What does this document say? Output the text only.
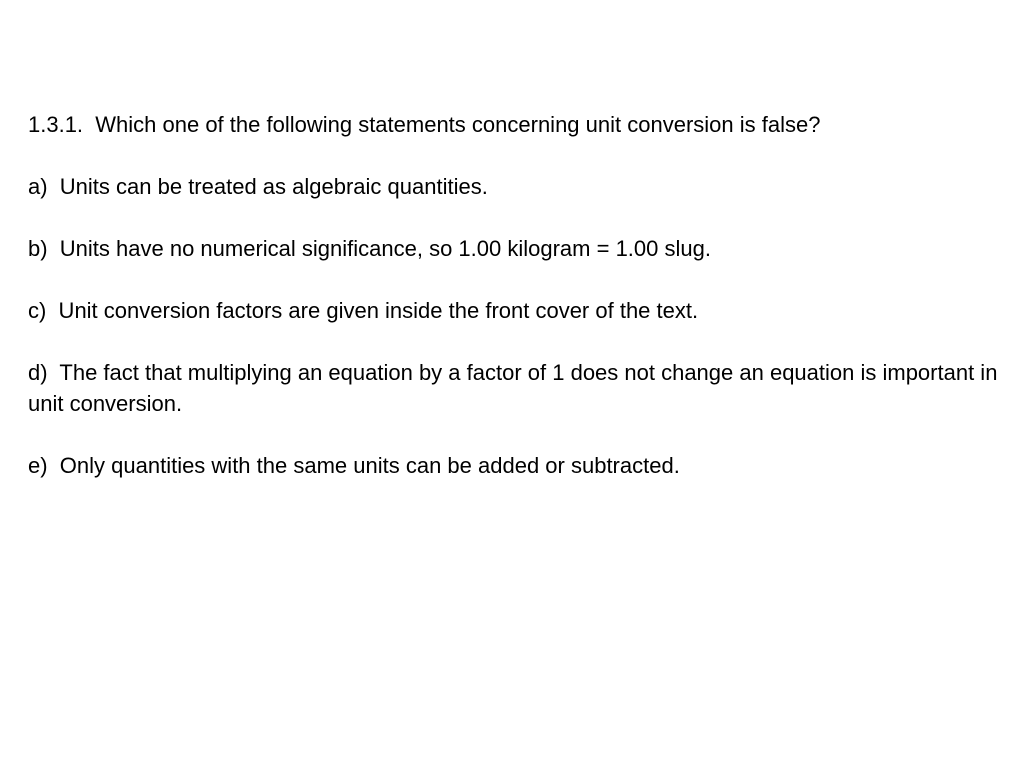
1.3.1.  Which one of the following statements concerning unit conversion is false?

a)  Units can be treated as algebraic quantities.

b)  Units have no numerical significance, so 1.00 kilogram = 1.00 slug.

c)  Unit conversion factors are given inside the front cover of the text.

d)  The fact that multiplying an equation by a factor of 1 does not change an equation is important in unit conversion.

e)  Only quantities with the same units can be added or subtracted.
